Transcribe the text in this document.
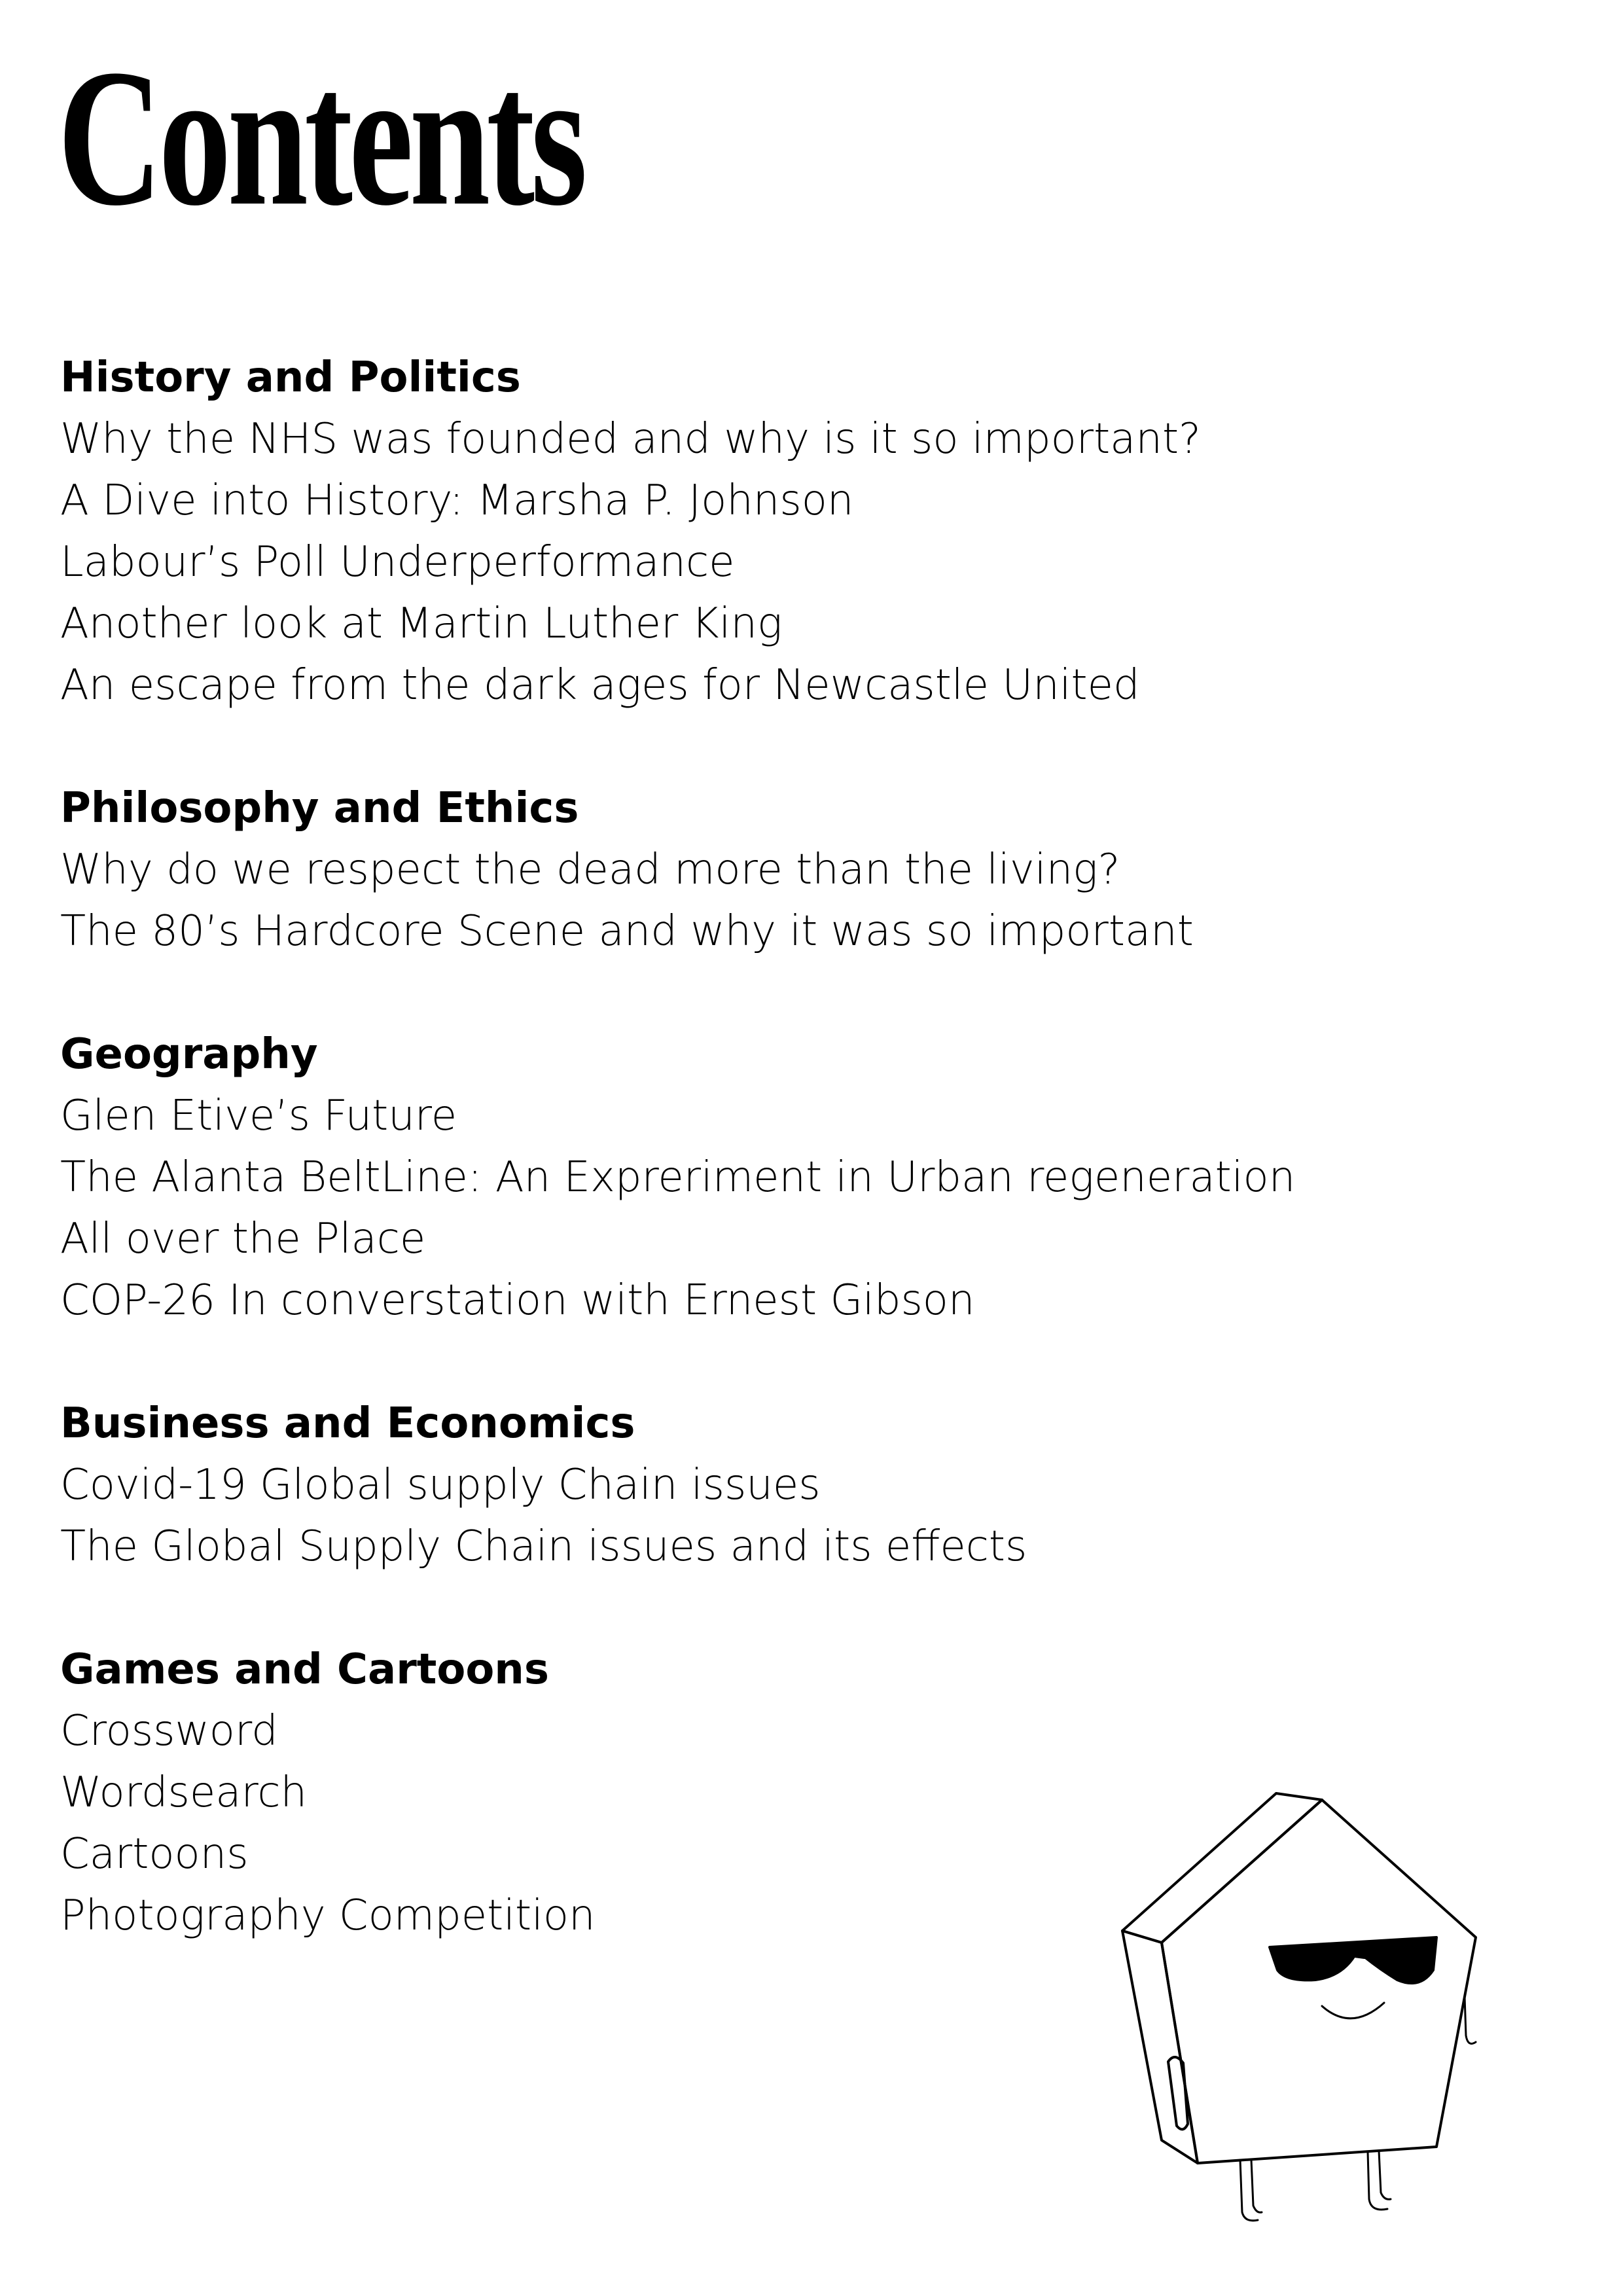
Contents

History and Politics

Why the NHS was founded and why is it so important?

A Dive into History: Marsha P. Johnson

Labour’s Poll Underperformance

Another look at Martin Luther King

An escape from the dark ages for Newcastle United

Philosophy and Ethics

Why do we respect the dead more than the living?

The 80’s Hardcore Scene and why it was so important

Geography

Glen Etive’s Future

The Alanta BeltLine: An Expreriment in Urban regeneration

All over the Place

COP-26 In converstation with Ernest Gibson

Business and Economics

Covid-19 Global supply Chain issues

The Global Supply Chain issues and its effects

Games and Cartoons

Crossword

Wordsearch

Cartoons

Photography Competition
